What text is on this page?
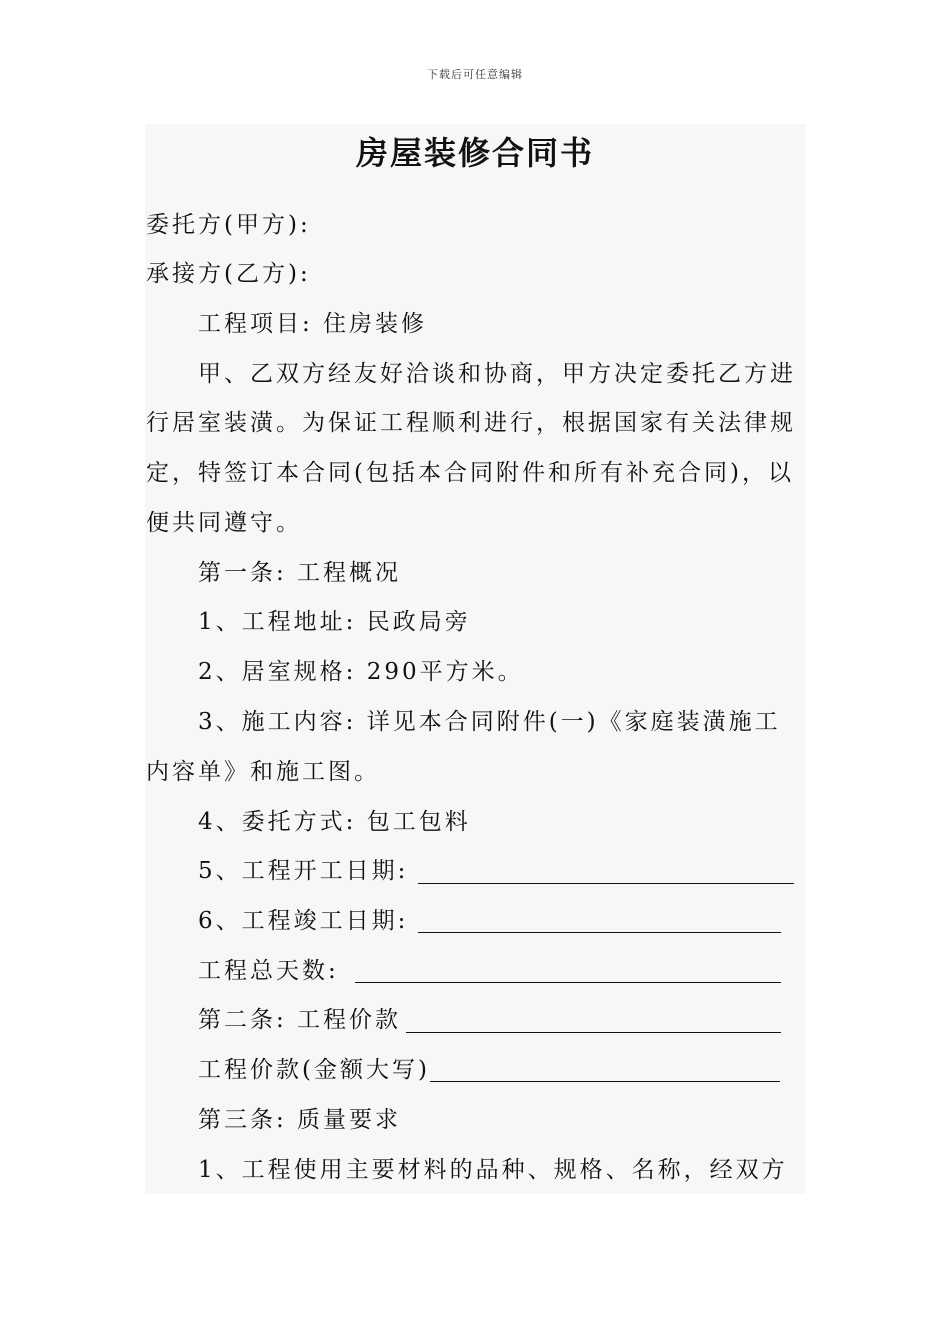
下载后可任意编辑
房屋装修合同书
委托方(甲方):
承接方(乙方):
工程项目: 住房装修
甲、乙双方经友好洽谈和协商，甲方决定委托乙方进
行居室装潢。为保证工程顺利进行，根据国家有关法律规
定，特签订本合同(包括本合同附件和所有补充合同)，以
便共同遵守。
第一条: 工程概况
1、工程地址: 民政局旁
2、居室规格: 290平方米。
3、施工内容: 详见本合同附件(一)《家庭装潢施工
内容单》和施工图。
4、委托方式: 包工包料
5、工程开工日期:
6、工程竣工日期:
工程总天数:
第二条: 工程价款
工程价款(金额大写)
第三条: 质量要求
1、工程使用主要材料的品种、规格、名称，经双方
